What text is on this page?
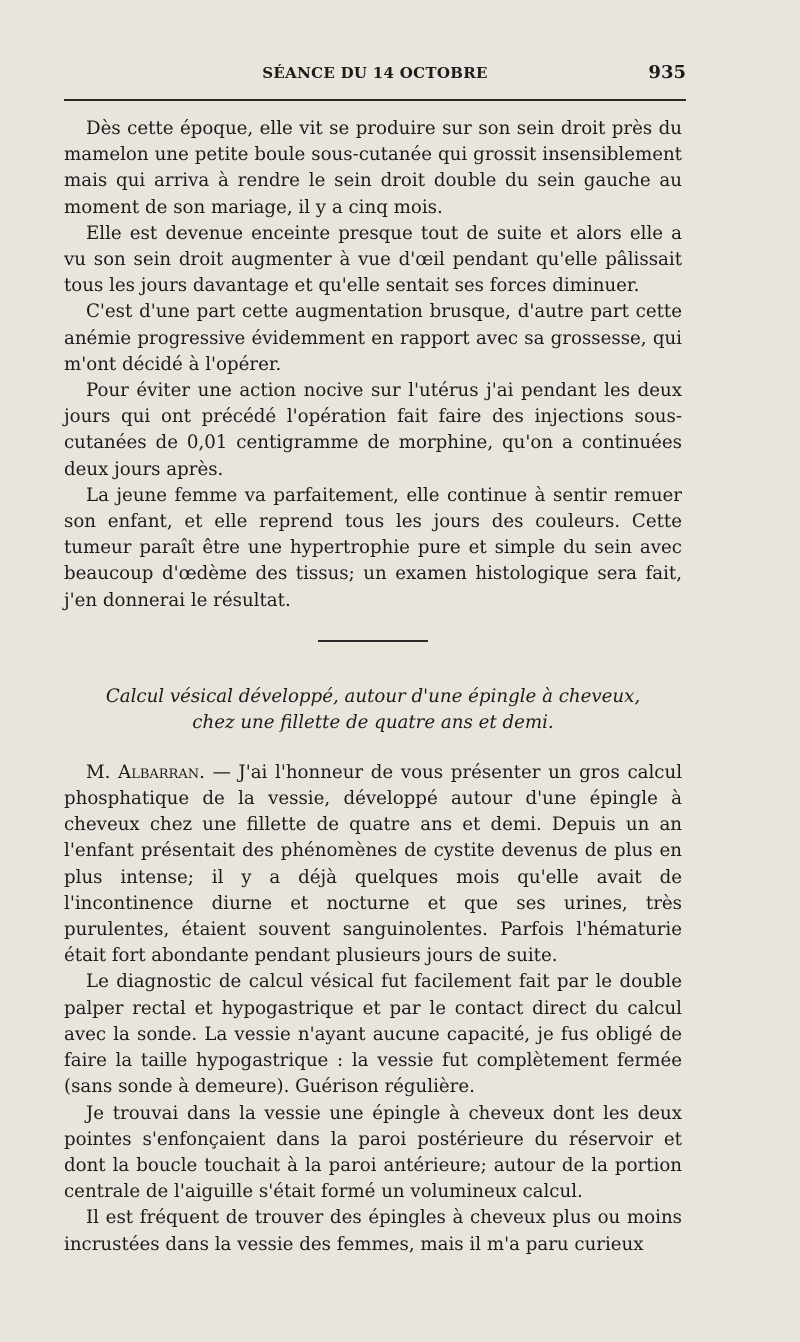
SÉANCE DU 14 OCTOBRE	935

Dès cette époque, elle vit se produire sur son sein droit près du mamelon une petite boule sous-cutanée qui grossit insensiblement mais qui arriva à rendre le sein droit double du sein gauche au moment de son mariage, il y a cinq mois.

Elle est devenue enceinte presque tout de suite et alors elle a vu son sein droit augmenter à vue d'œil pendant qu'elle pâlissait tous les jours davantage et qu'elle sentait ses forces diminuer.

C'est d'une part cette augmentation brusque, d'autre part cette anémie progressive évidemment en rapport avec sa grossesse, qui m'ont décidé à l'opérer.

Pour éviter une action nocive sur l'utérus j'ai pendant les deux jours qui ont précédé l'opération fait faire des injections sous-cutanées de 0,01 centigramme de morphine, qu'on a continuées deux jours après.

La jeune femme va parfaitement, elle continue à sentir remuer son enfant, et elle reprend tous les jours des couleurs. Cette tumeur paraît être une hypertrophie pure et simple du sein avec beaucoup d'œdème des tissus; un examen histologique sera fait, j'en donnerai le résultat.

Calcul vésical développé, autour d'une épingle à cheveux,
chez une fillette de quatre ans et demi.

M. Albarran. — J'ai l'honneur de vous présenter un gros calcul phosphatique de la vessie, développé autour d'une épingle à cheveux chez une fillette de quatre ans et demi. Depuis un an l'enfant présentait des phénomènes de cystite devenus de plus en plus intense; il y a déjà quelques mois qu'elle avait de l'incontinence diurne et nocturne et que ses urines, très purulentes, étaient souvent sanguinolentes. Parfois l'hématurie était fort abondante pendant plusieurs jours de suite.

Le diagnostic de calcul vésical fut facilement fait par le double palper rectal et hypogastrique et par le contact direct du calcul avec la sonde. La vessie n'ayant aucune capacité, je fus obligé de faire la taille hypogastrique : la vessie fut complètement fermée (sans sonde à demeure). Guérison régulière.

Je trouvai dans la vessie une épingle à cheveux dont les deux pointes s'enfonçaient dans la paroi postérieure du réservoir et dont la boucle touchait à la paroi antérieure; autour de la portion centrale de l'aiguille s'était formé un volumineux calcul.

Il est fréquent de trouver des épingles à cheveux plus ou moins incrustées dans la vessie des femmes, mais il m'a paru curieux
